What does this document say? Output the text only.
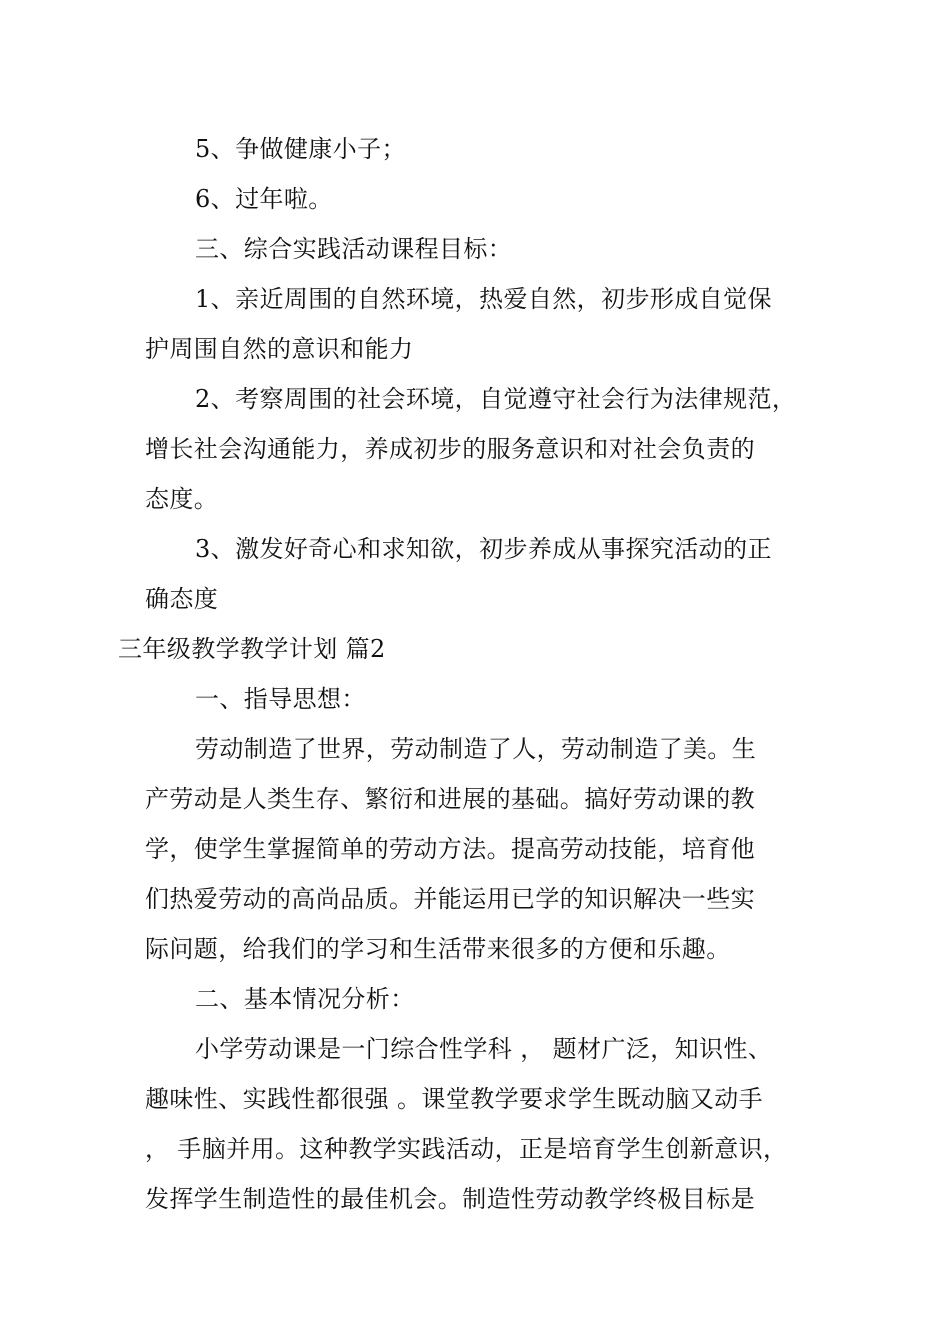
5、争做健康小子；
6、过年啦。
三、综合实践活动课程目标：
1、亲近周围的自然环境，热爱自然，初步形成自觉保
护周围自然的意识和能力
2、考察周围的社会环境，自觉遵守社会行为法律规范，
增长社会沟通能力，养成初步的服务意识和对社会负责的
态度。
3、激发好奇心和求知欲，初步养成从事探究活动的正
确态度
三年级教学教学计划 篇2
一、指导思想：
劳动制造了世界，劳动制造了人，劳动制造了美。生
产劳动是人类生存、繁衍和进展的基础。搞好劳动课的教
学，使学生掌握简单的劳动方法。提高劳动技能，培育他
们热爱劳动的高尚品质。并能运用已学的知识解决一些实
际问题，给我们的学习和生活带来很多的方便和乐趣。
二、基本情况分析：
小学劳动课是一门综合性学科 ， 题材广泛，知识性、
趣味性、实践性都很强 。课堂教学要求学生既动脑又动手
， 手脑并用。这种教学实践活动，正是培育学生创新意识，
发挥学生制造性的最佳机会。制造性劳动教学终极目标是
